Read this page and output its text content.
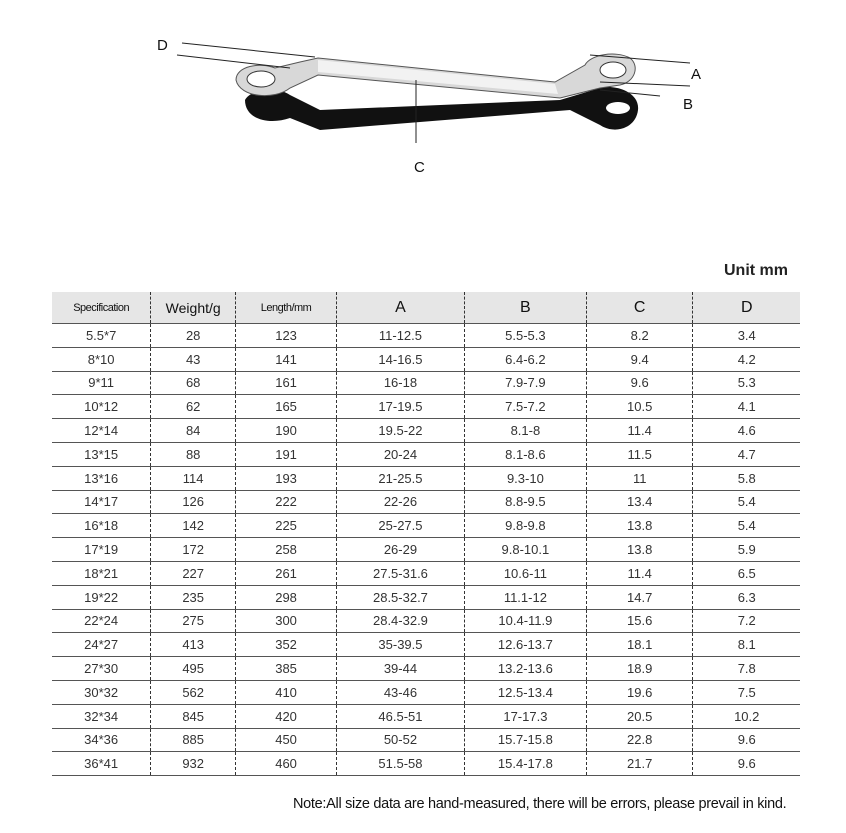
D
A
B
C
Unit mm
Specification	Weight/g	Length/mm	A	B	C	D
5.5*7	28	123	11-12.5	5.5-5.3	8.2	3.4
8*10	43	141	14-16.5	6.4-6.2	9.4	4.2
9*11	68	161	16-18	7.9-7.9	9.6	5.3
10*12	62	165	17-19.5	7.5-7.2	10.5	4.1
12*14	84	190	19.5-22	8.1-8	11.4	4.6
13*15	88	191	20-24	8.1-8.6	11.5	4.7
13*16	114	193	21-25.5	9.3-10	11	5.8
14*17	126	222	22-26	8.8-9.5	13.4	5.4
16*18	142	225	25-27.5	9.8-9.8	13.8	5.4
17*19	172	258	26-29	9.8-10.1	13.8	5.9
18*21	227	261	27.5-31.6	10.6-11	11.4	6.5
19*22	235	298	28.5-32.7	11.1-12	14.7	6.3
22*24	275	300	28.4-32.9	10.4-11.9	15.6	7.2
24*27	413	352	35-39.5	12.6-13.7	18.1	8.1
27*30	495	385	39-44	13.2-13.6	18.9	7.8
30*32	562	410	43-46	12.5-13.4	19.6	7.5
32*34	845	420	46.5-51	17-17.3	20.5	10.2
34*36	885	450	50-52	15.7-15.8	22.8	9.6
36*41	932	460	51.5-58	15.4-17.8	21.7	9.6
Note:All size data are hand-measured, there will be errors, please prevail in kind.
